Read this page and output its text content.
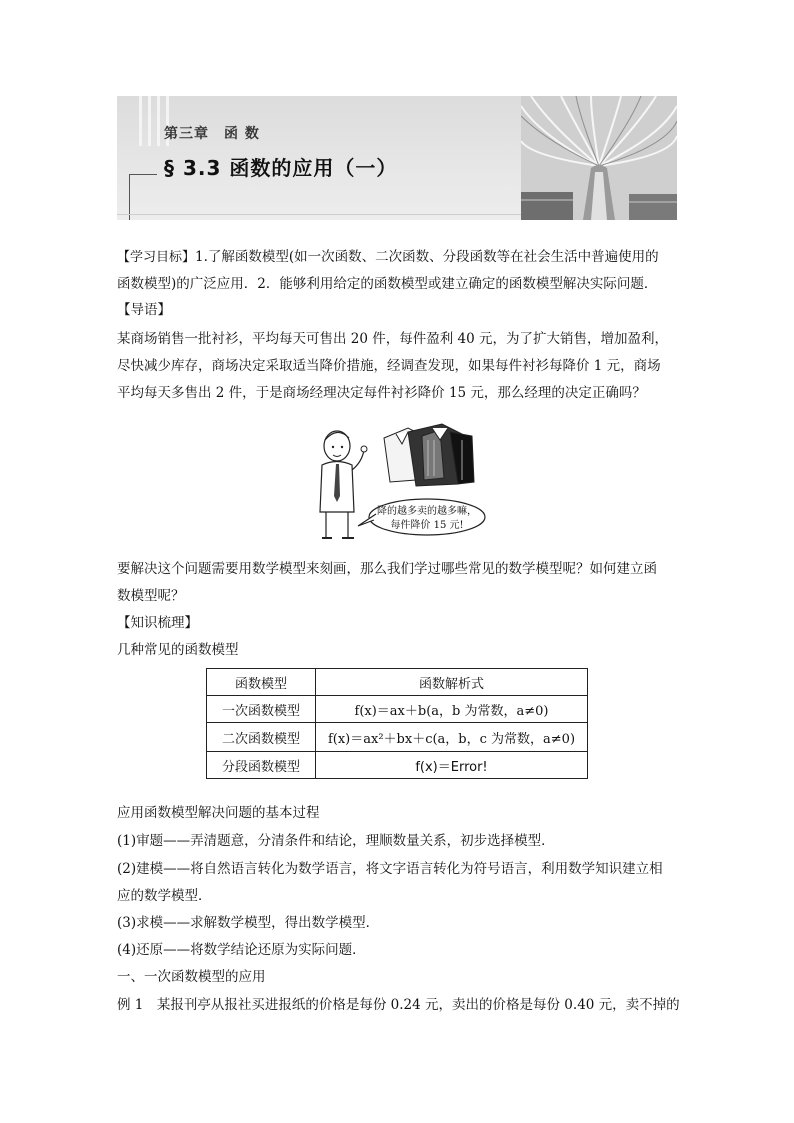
第三章　函 数
§ 3.3 函数的应用（一）
【学习目标】1.了解函数模型(如一次函数、二次函数、分段函数等在社会生活中普遍使用的
函数模型)的广泛应用．2．能够利用给定的函数模型或建立确定的函数模型解决实际问题．
【导语】
某商场销售一批衬衫，平均每天可售出 20 件，每件盈利 40 元，为了扩大销售，增加盈利，
尽快减少库存，商场决定采取适当降价措施，经调查发现，如果每件衬衫每降价 1 元，商场
平均每天多售出 2 件，于是商场经理决定每件衬衫降价 15 元，那么经理的决定正确吗？
降的越多卖的越多嘛，
每件降价 15 元!
要解决这个问题需要用数学模型来刻画，那么我们学过哪些常见的数学模型呢？如何建立函
数模型呢？
【知识梳理】
几种常见的函数模型
函数模型	函数解析式
一次函数模型	f(x)＝ax＋b(a，b 为常数，a≠0)
二次函数模型	f(x)＝ax²＋bx＋c(a，b，c 为常数，a≠0)
分段函数模型	f(x)＝Error!
应用函数模型解决问题的基本过程
(1)审题——弄清题意，分清条件和结论，理顺数量关系，初步选择模型．
(2)建模——将自然语言转化为数学语言，将文字语言转化为符号语言，利用数学知识建立相
应的数学模型．
(3)求模——求解数学模型，得出数学模型．
(4)还原——将数学结论还原为实际问题．
一、一次函数模型的应用
例 1　某报刊亭从报社买进报纸的价格是每份 0.24 元，卖出的价格是每份 0.40 元，卖不掉的
